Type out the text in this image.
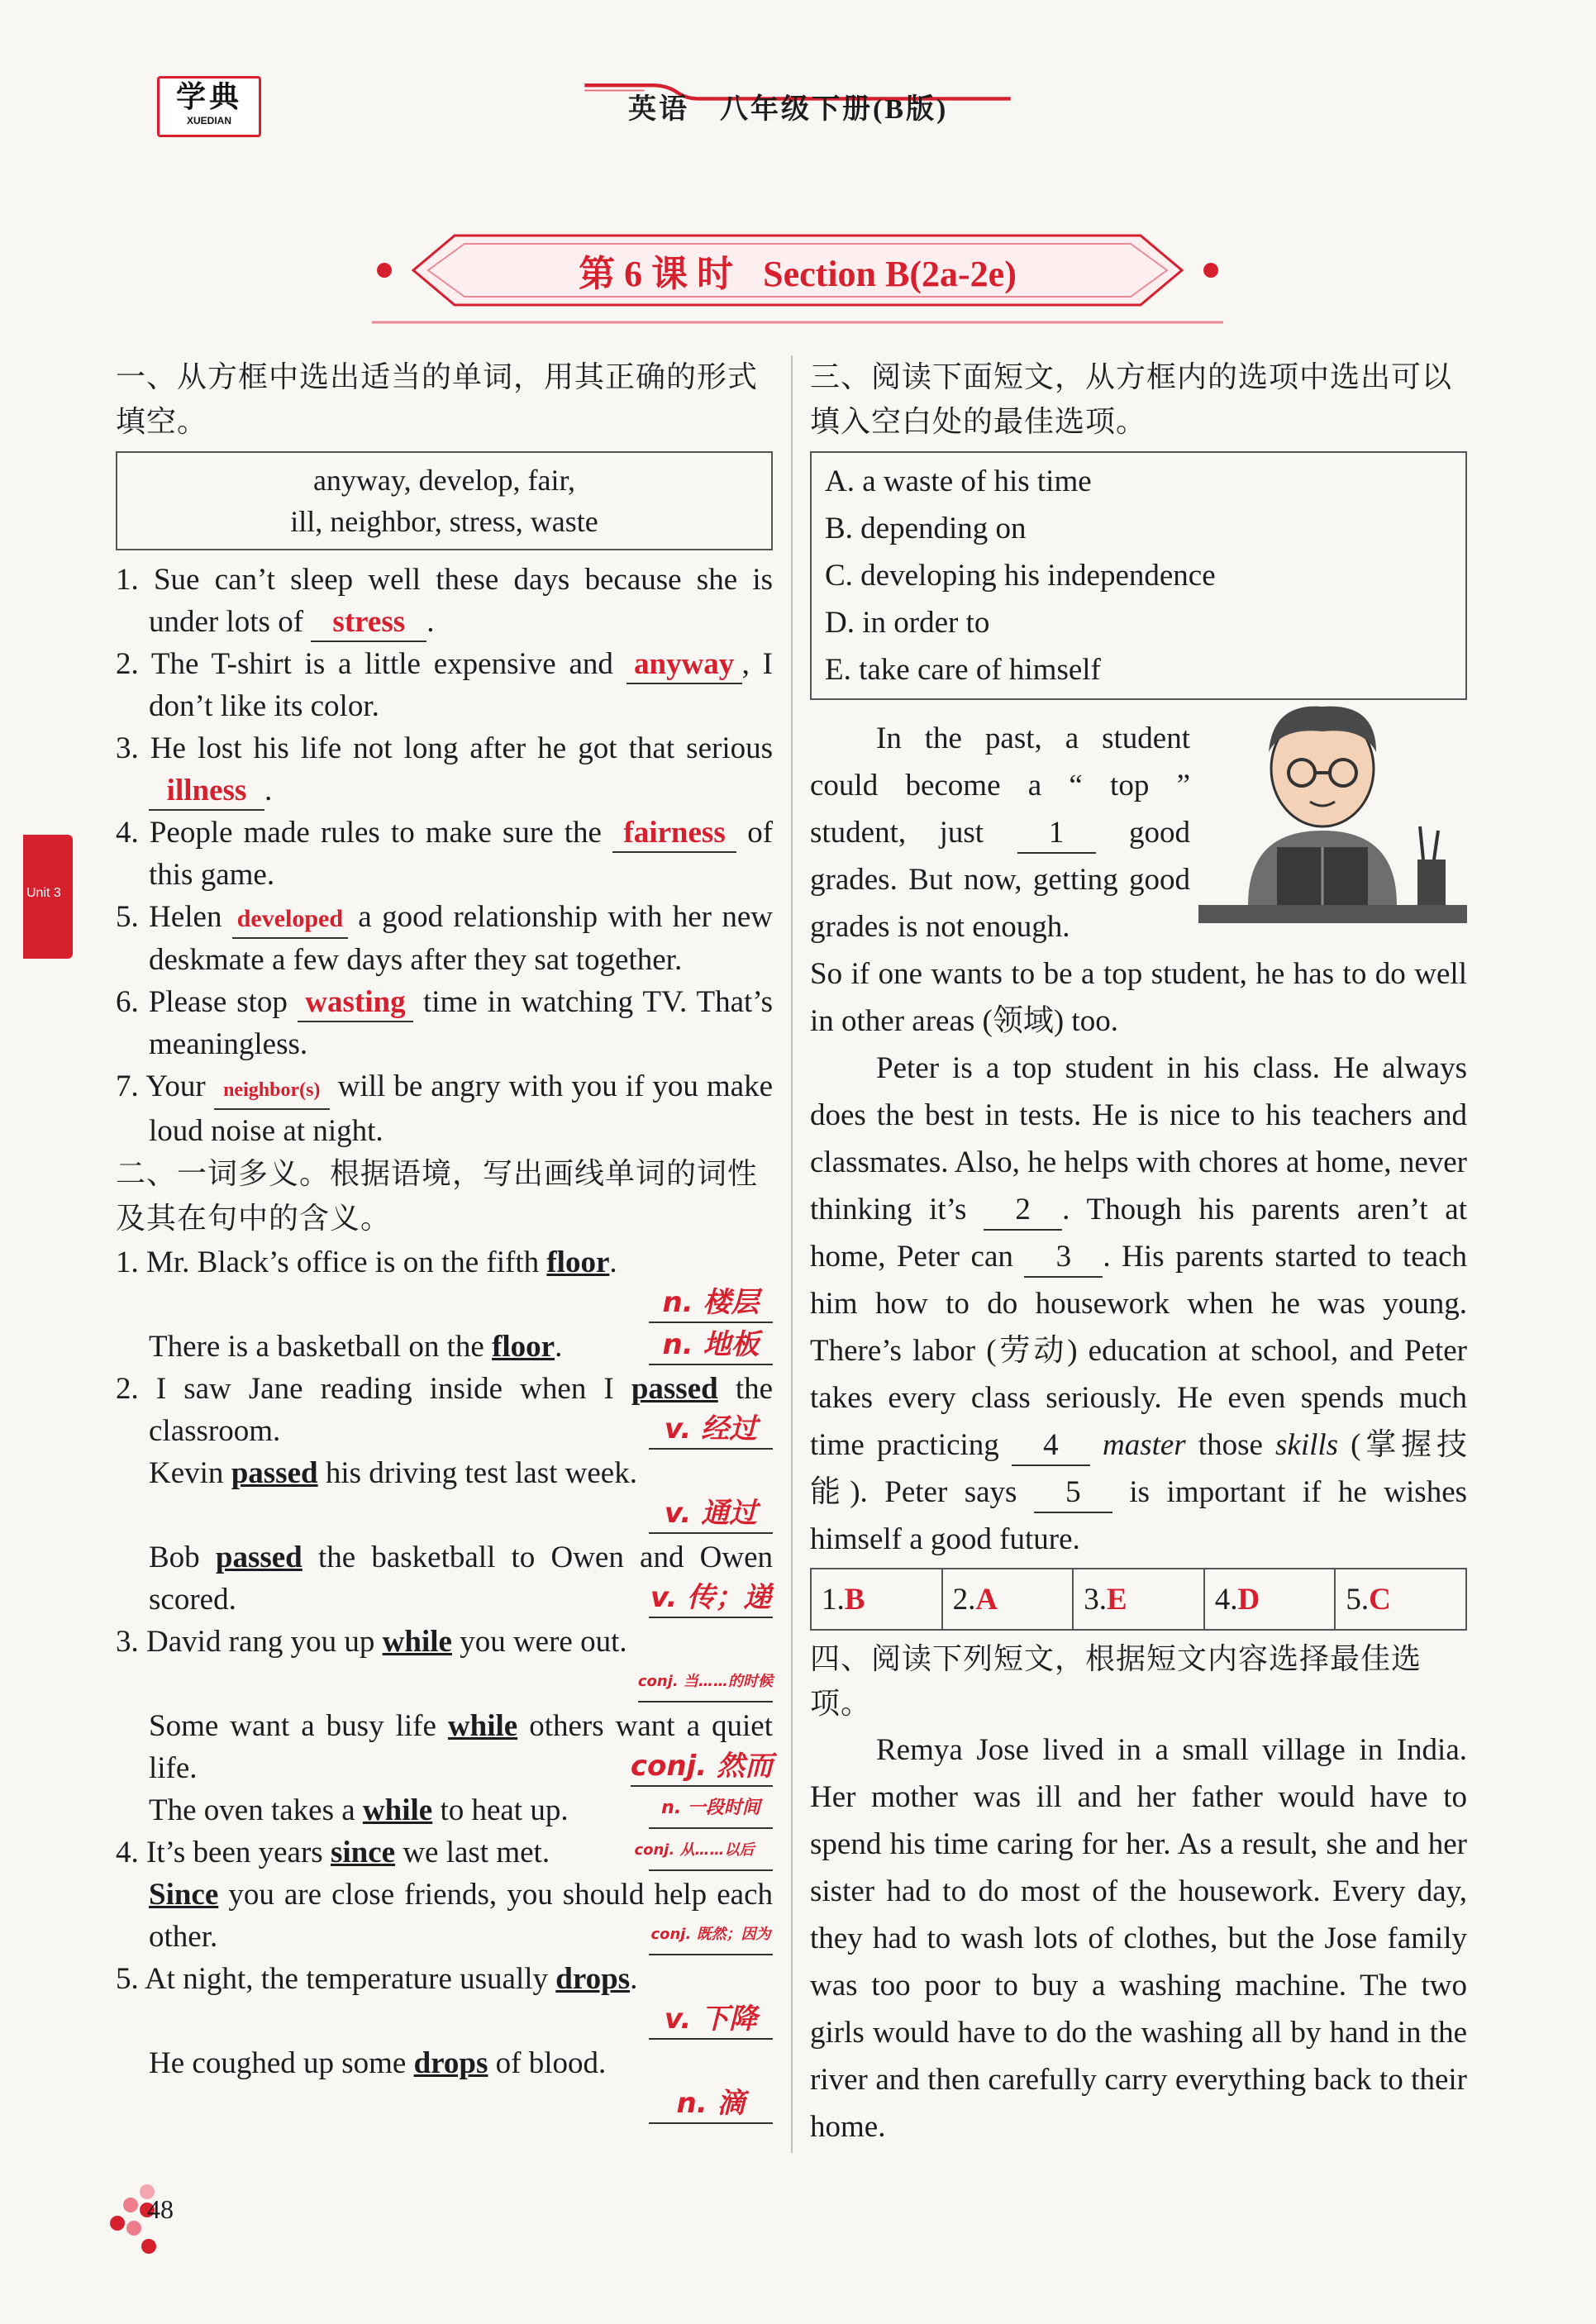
学典
XUEDIAN	英语　八年级下册(B版)
第 6 课 时 Section B(2a-2e)
Unit 3

一、从方框中选出适当的单词，用其正确的形式填空。

anyway, develop, fair,
ill, neighbor, stress, waste

1. Sue can’t sleep well these days because she is under lots of stress .

2. The T-shirt is a little expensive and anyway , I don’t like its color.

3. He lost his life not long after he got that serious illness .

4. People made rules to make sure the fairness of this game.

5. Helen developed a good relationship with her new deskmate a few days after they sat together.

6. Please stop wasting time in watching TV. That’s meaningless.

7. Your neighbor(s) will be angry with you if you make loud noise at night.

二、一词多义。根据语境，写出画线单词的词性及其在句中的含义。

1. Mr. Black’s office is on the fifth floor.

n. 楼层

n. 地板
There is a basketball on the floor.

2. I saw Jane reading inside when I passed the classroom.	v. 经过

Kevin passed his driving test last week.

v. 通过

Bob passed the basketball to Owen and Owen scored.	v. 传；递

3. David rang you up while you were out.

conj. 当……的时候

Some want a busy life while others want a quiet life.	conj. 然而

n. 一段时间
The oven takes a while to heat up.

conj. 从……以后
4. It’s been years since we last met.

Since you are close friends, you should help each other.	conj. 既然；因为

5. At night, the temperature usually drops.

v. 下降

He coughed up some drops of blood.

n. 滴

三、阅读下面短文，从方框内的选项中选出可以填入空白处的最佳选项。

A. a waste of his time

B. depending on

C. developing his independence

D. in order to

E. take care of himself

In the past, a student could become a “ top ” student, just 1 good grades. But now, getting good grades is not enough.

So if one wants to be a top student, he has to do well in other areas (领域) too.

Peter is a top student in his class. He always does the best in tests. He is nice to his teachers and classmates. Also, he helps with chores at home, never thinking it’s 2 . Though his parents aren’t at home, Peter can 3 . His parents started to teach him how to do housework when he was young. There’s labor (劳动) education at school, and Peter takes every class seriously. He even spends much time practicing 4 master those skills (掌握技能). Peter says 5 is important if he wishes himself a good future.

1.B	2.A	3.E	4.D	5.C

四、阅读下列短文，根据短文内容选择最佳选项。

Remya Jose lived in a small village in India. Her mother was ill and her father would have to spend his time caring for her. As a result, she and her sister had to do most of the housework. Every day, they had to wash lots of clothes, but the Jose family was too poor to buy a washing machine. The two girls would have to do the washing all by hand in the river and then carefully carry everything back to their home.

48
